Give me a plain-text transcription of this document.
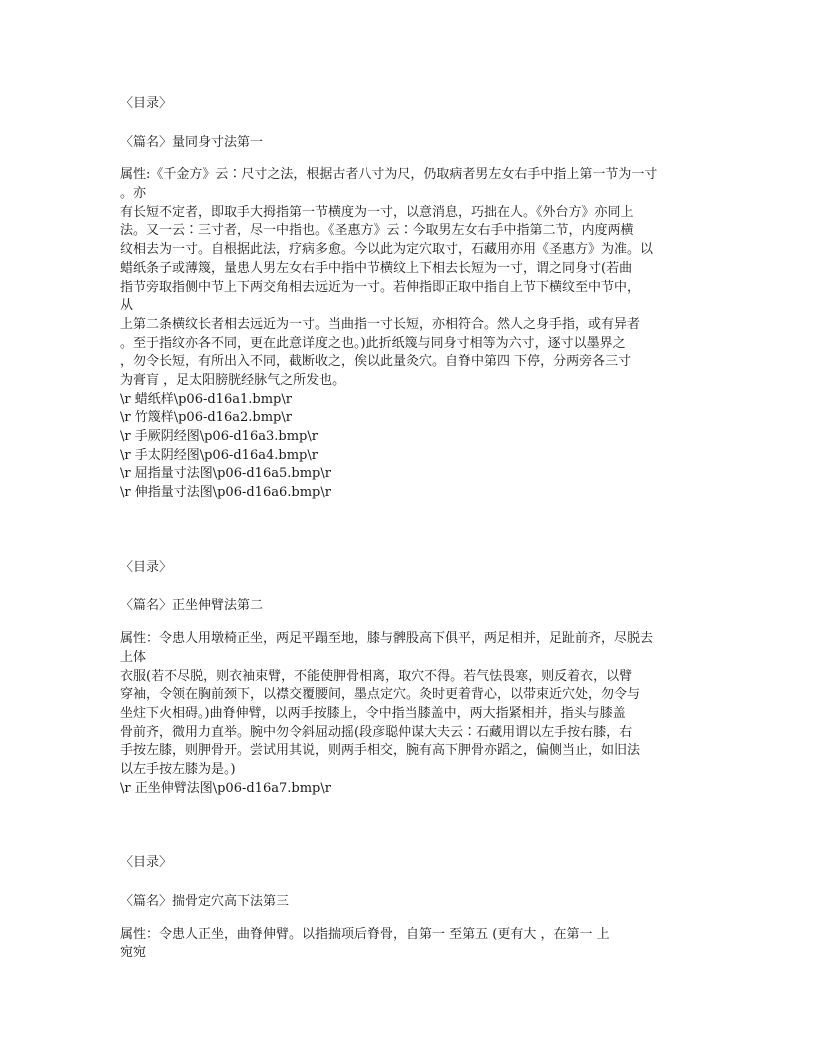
〈目录〉
〈篇名〉量同身寸法第一
属性:《千金方》云∶尺寸之法，根据古者八寸为尺，仍取病者男左女右手中指上第一节为一寸
。亦
有长短不定者，即取手大拇指第一节横度为一寸，以意消息，巧拙在人。《外台方》亦同上
法。又一云∶三寸者，尽一中指也。《圣惠方》云∶今取男左女右手中指第二节，内度两横
纹相去为一寸。自根据此法，疗病多愈。今以此为定穴取寸，石藏用亦用《圣惠方》为准。以
蜡纸条子或薄篾，量患人男左女右手中指中节横纹上下相去长短为一寸，谓之同身寸(若曲
指节旁取指侧中节上下两交角相去远近为一寸。若伸指即正取中指自上节下横纹至中节中，
从
上第二条横纹长者相去远近为一寸。当曲指一寸长短，亦相符合。然人之身手指，或有异者
。至于指纹亦各不同，更在此意详度之也。)此折纸篾与同身寸相等为六寸，逐寸以墨界之
，勿令长短，有所出入不同，截断收之，俟以此量灸穴。自脊中第四 下停，分两旁各三寸
为膏肓 ，足太阳膀胱经脉气之所发也。
\r 蜡纸样\p06-d16a1.bmp\r
\r 竹篾样\p06-d16a2.bmp\r
\r 手厥阴经图\p06-d16a3.bmp\r
\r 手太阴经图\p06-d16a4.bmp\r
\r 屈指量寸法图\p06-d16a5.bmp\r
\r 伸指量寸法图\p06-d16a6.bmp\r
〈目录〉
〈篇名〉正坐伸臂法第二
属性：令患人用墩椅正坐，两足平蹋至地，膝与髀股高下俱平，两足相并，足趾前齐，尽脱去
上体
衣服(若不尽脱，则衣袖束臂，不能使胛骨相离，取穴不得。若气怯畏寒，则反着衣，以臂
穿袖，令领在胸前颈下，以襟交覆腰间，墨点定穴。灸时更着背心，以带束近穴处，勿令与
坐炷下火相碍。)曲脊伸臂，以两手按膝上，令中指当膝盖中，两大指紧相并，指头与膝盖
骨前齐，微用力直举。腕中勿令斜屈动摇(段彦聪仲谋大夫云∶石藏用谓以左手按右膝，右
手按左膝，则胛骨开。尝试用其说，则两手相交，腕有高下胛骨亦蹈之，偏侧当止，如旧法
以左手按左膝为是。)
\r 正坐伸臂法图\p06-d16a7.bmp\r
〈目录〉
〈篇名〉揣骨定穴高下法第三
属性：令患人正坐，曲脊伸臂。以指揣项后脊骨，自第一 至第五 (更有大 ，在第一 上
宛宛
